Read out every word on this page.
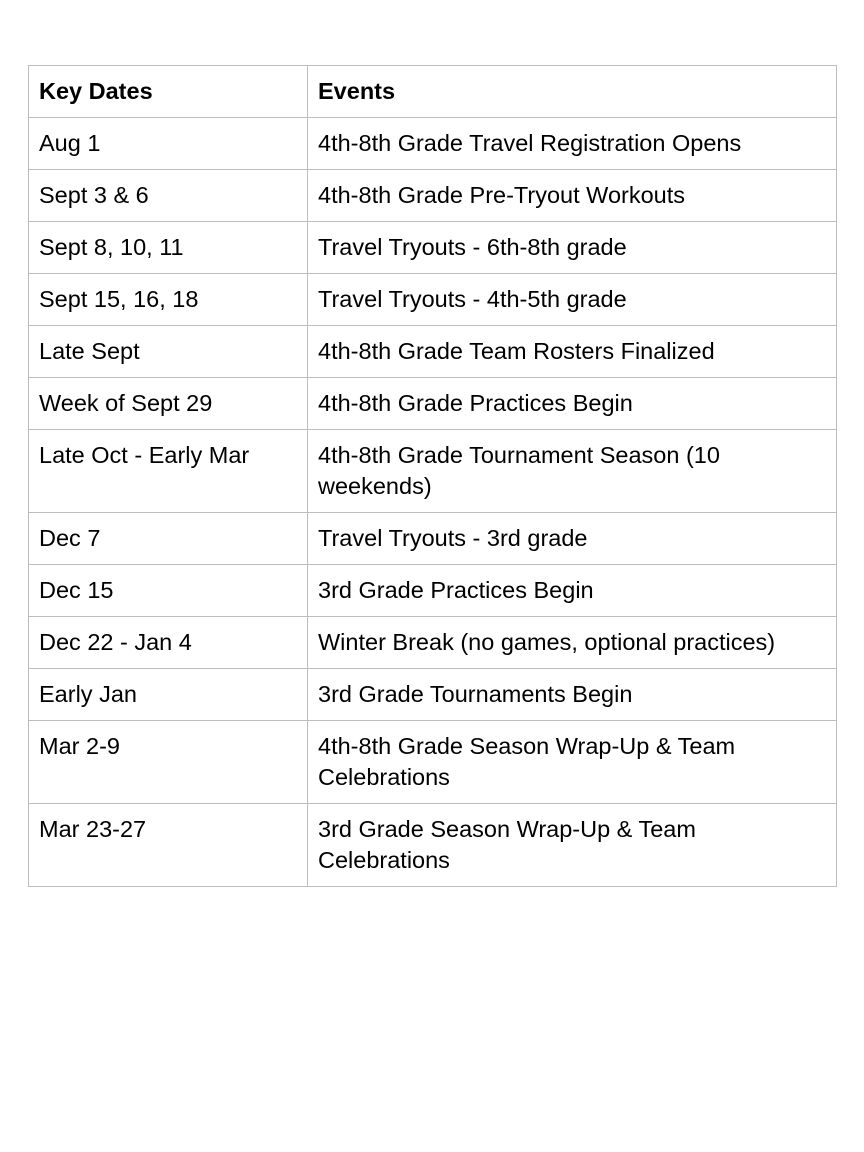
Key Dates	Events
Aug 1	4th-8th Grade Travel Registration Opens
Sept 3 & 6	4th-8th Grade Pre-Tryout Workouts
Sept 8, 10, 11	Travel Tryouts - 6th-8th grade
Sept 15, 16, 18	Travel Tryouts - 4th-5th grade
Late Sept	4th-8th Grade Team Rosters Finalized
Week of Sept 29	4th-8th Grade Practices Begin
Late Oct - Early Mar	4th-8th Grade Tournament Season (10 weekends)
Dec 7	Travel Tryouts - 3rd grade
Dec 15	3rd Grade Practices Begin
Dec 22 - Jan 4	Winter Break (no games, optional practices)
Early Jan	3rd Grade Tournaments Begin
Mar 2-9	4th-8th Grade Season Wrap-Up & Team Celebrations
Mar 23-27	3rd Grade Season Wrap-Up & Team Celebrations
